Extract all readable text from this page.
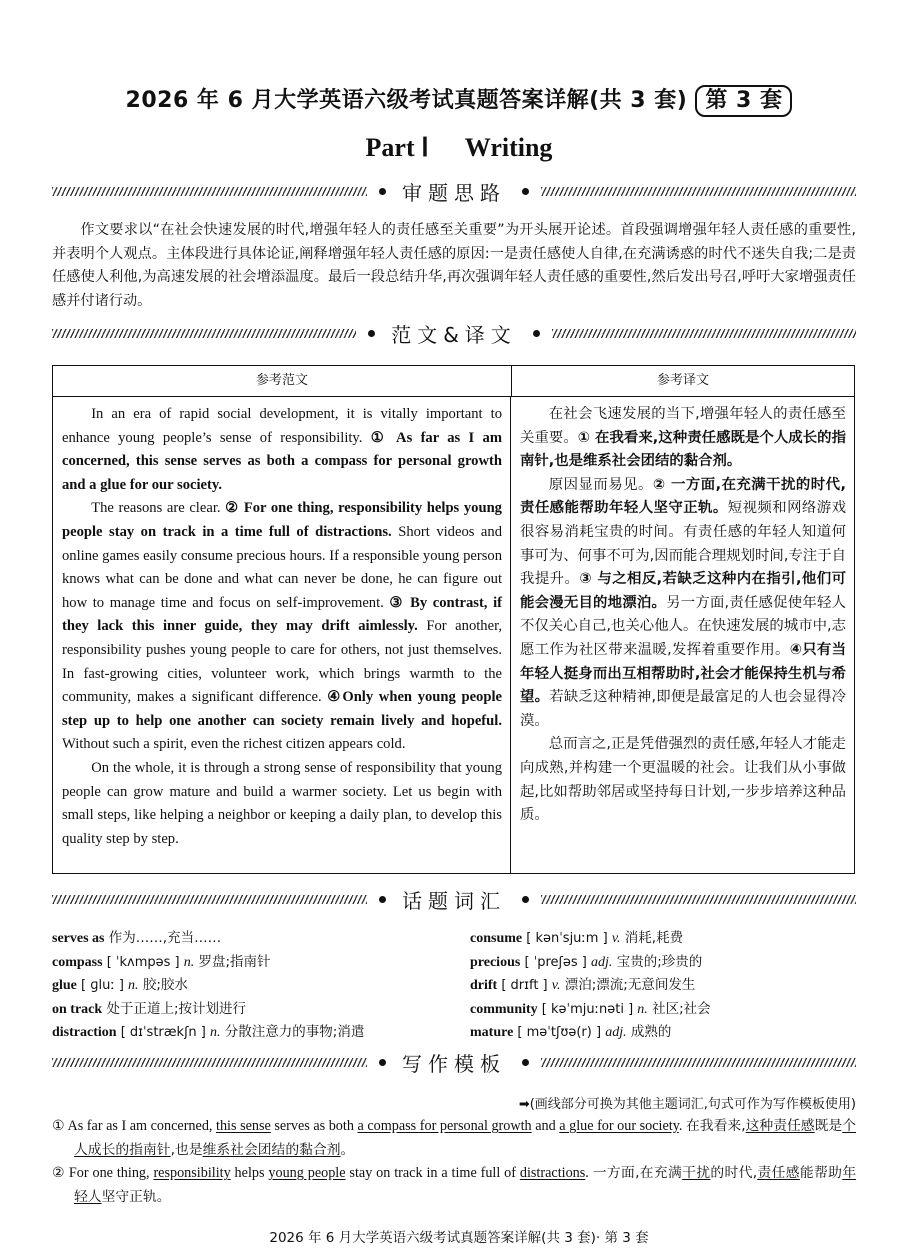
2026 年 6 月大学英语六级考试真题答案详解(共 3 套) 第 3 套
Part Ⅰ Writing
审题思路
作文要求以“在社会快速发展的时代,增强年轻人的责任感至关重要”为开头展开论述。首段强调增强年轻人责任感的重要性,并表明个人观点。主体段进行具体论证,阐释增强年轻人责任感的原因:一是责任感使人自律,在充满诱惑的时代不迷失自我;二是责任感使人利他,为高速发展的社会增添温度。最后一段总结升华,再次强调年轻人责任感的重要性,然后发出号召,呼吁大家增强责任感并付诸行动。
范文&译文
参考范文	参考译文

In an era of rapid social development, it is vitally important to enhance young people’s sense of responsibility. ① As far as I am concerned, this sense serves as both a compass for personal growth and a glue for our society.

The reasons are clear. ② For one thing, responsibility helps young people stay on track in a time full of distractions. Short videos and online games easily consume precious hours. If a responsible young person knows what can be done and what can never be done, he can figure out how to manage time and focus on self-improvement. ③ By contrast, if they lack this inner guide, they may drift aimlessly. For another, responsibility pushes young people to care for others, not just themselves. In fast-growing cities, volunteer work, which brings warmth to the community, makes a significant difference. ④Only when young people step up to help one another can society remain lively and hopeful. Without such a spirit, even the richest citizen appears cold.

On the whole, it is through a strong sense of responsibility that young people can grow mature and build a warmer society. Let us begin with small steps, like helping a neighbor or keeping a daily plan, to develop this quality step by step.

在社会飞速发展的当下,增强年轻人的责任感至关重要。① 在我看来,这种责任感既是个人成长的指南针,也是维系社会团结的黏合剂。

原因显而易见。② 一方面,在充满干扰的时代,责任感能帮助年轻人坚守正轨。短视频和网络游戏很容易消耗宝贵的时间。有责任感的年轻人知道何事可为、何事不可为,因而能合理规划时间,专注于自我提升。③ 与之相反,若缺乏这种内在指引,他们可能会漫无目的地漂泊。另一方面,责任感促使年轻人不仅关心自己,也关心他人。在快速发展的城市中,志愿工作为社区带来温暖,发挥着重要作用。④只有当年轻人挺身而出互相帮助时,社会才能保持生机与希望。若缺乏这种精神,即便是最富足的人也会显得冷漠。

总而言之,正是凭借强烈的责任感,年轻人才能走向成熟,并构建一个更温暖的社会。让我们从小事做起,比如帮助邻居或坚持每日计划,一步步培养这种品质。

话题词汇
serves as 作为……,充当……
compass [ ˈkʌmpəs ] n. 罗盘;指南针
glue [ ɡluː ] n. 胶;胶水
on track 处于正道上;按计划进行
distraction [ dɪˈstrækʃn ] n. 分散注意力的事物;消遣
consume [ kənˈsjuːm ] v. 消耗,耗费
precious [ ˈpreʃəs ] adj. 宝贵的;珍贵的
drift [ drɪft ] v. 漂泊;漂流;无意间发生
community [ kəˈmjuːnəti ] n. 社区;社会
mature [ məˈtʃʊə(r) ] adj. 成熟的
写作模板
➡(画线部分可换为其他主题词汇,句式可作为写作模板使用)
① As far as I am concerned, this sense serves as both a compass for personal growth and a glue for our society. 在我看来,这种责任感既是个人成长的指南针,也是维系社会团结的黏合剂。
② For one thing, responsibility helps young people stay on track in a time full of distractions. 一方面,在充满干扰的时代,责任感能帮助年轻人坚守正轨。
2026 年 6 月大学英语六级考试真题答案详解(共 3 套)· 第 3 套
